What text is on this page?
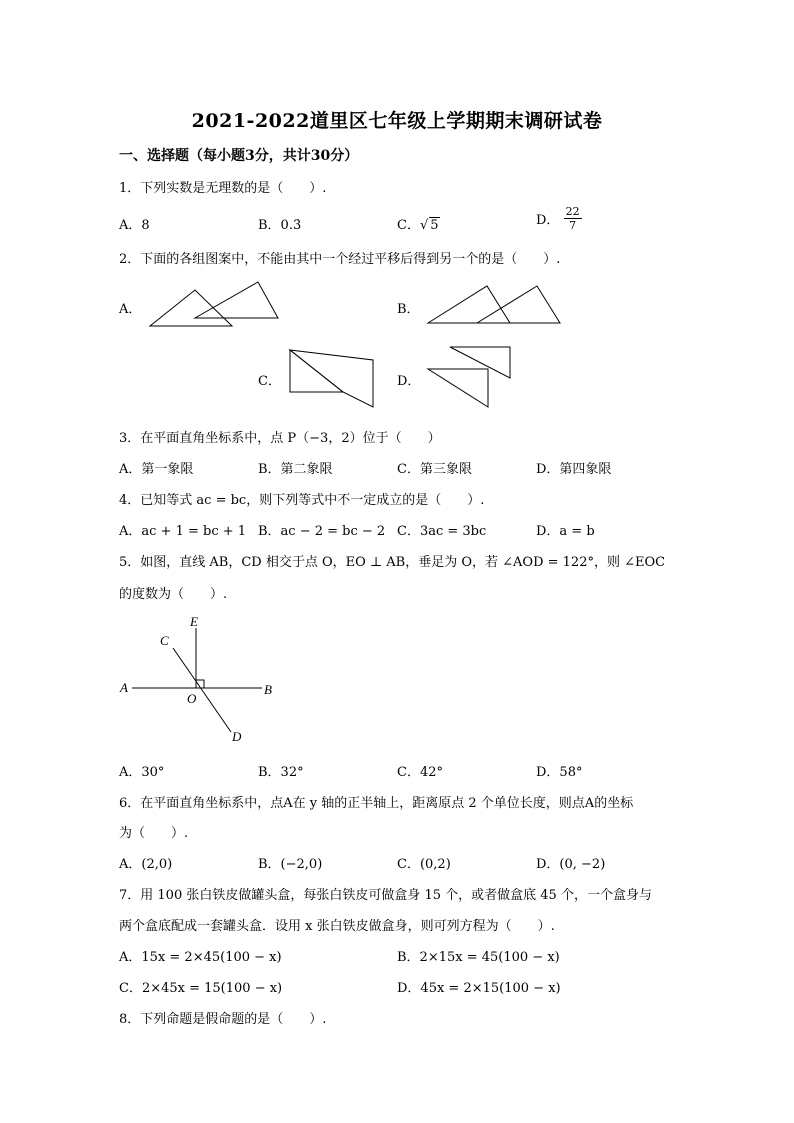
2021-2022道里区七年级上学期期末调研试卷
一、选择题（每小题3分，共计30分）
1．下列实数是无理数的是（　　）.
A．8	B．0.3̇	C．√ 5	D． $\frac{22}{7}$
2．下面的各组图案中，不能由其中一个经过平移后得到另一个的是（　　）.
A．	B．
C．	D．
3．在平面直角坐标系中，点 P（−3，2）位于（　　）
A．第一象限	B．第二象限	C．第三象限	D．第四象限
4．已知等式 ac = bc，则下列等式中不一定成立的是（　　）.
A．ac + 1 = bc + 1 B．ac − 2 = bc − 2 C．3ac = 3bc	D．a = b
5．如图，直线 AB，CD 相交于点 O，EO ⊥ AB，垂足为 O，若 ∠AOD = 122°，则 ∠EOC
的度数为（　　）.
E
C
A
O
B
D
A．30°	B．32°	C．42°	D．58°
6．在平面直角坐标系中，点A在 y 轴的正半轴上，距离原点 2 个单位长度，则点A的坐标
为（　　）.
A．(2,0)	B．(−2,0)	C．(0,2)	D．(0, −2)
7．用 100 张白铁皮做罐头盒，每张白铁皮可做盒身 15 个，或者做盒底 45 个，一个盒身与
两个盒底配成一套罐头盒．设用 x 张白铁皮做盒身，则可列方程为（　　）.
A．15x = 2×45(100 − x)	B．2×15x = 45(100 − x)
C．2×45x = 15(100 − x)	D．45x = 2×15(100 − x)
8．下列命题是假命题的是（　　）.
